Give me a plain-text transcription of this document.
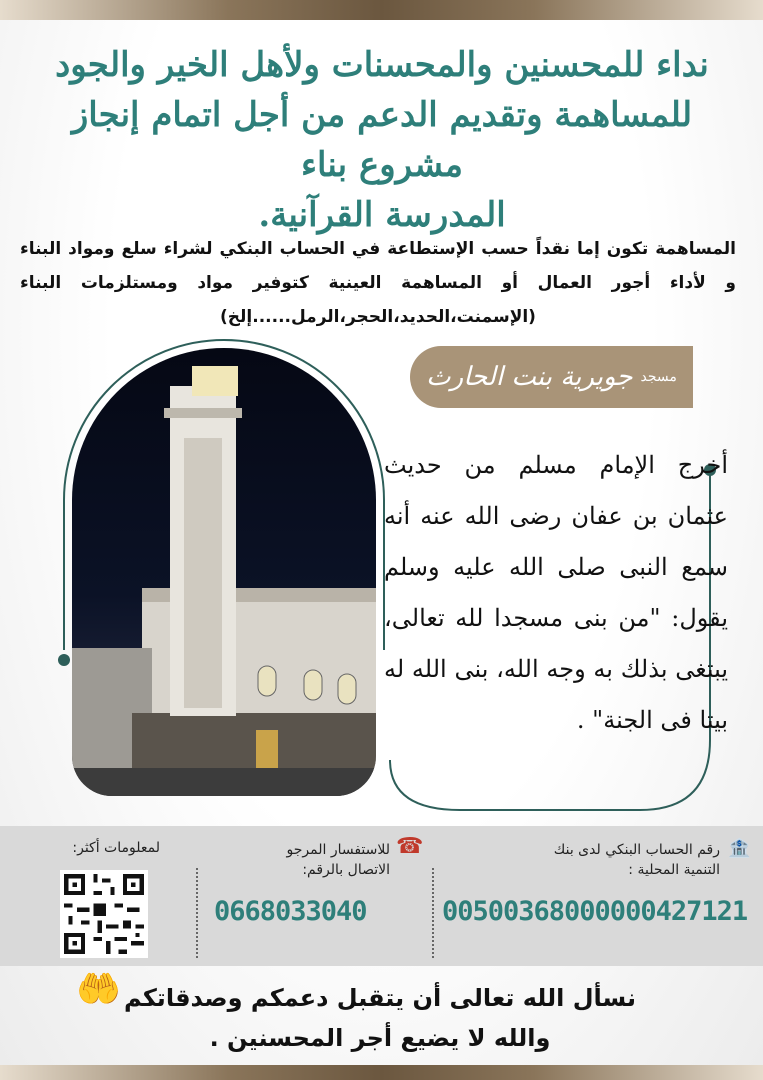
نداء للمحسنين والمحسنات ولأهل الخير والجود
للمساهمة وتقديم الدعم من أجل اتمام إنجاز مشروع بناء
المدرسة القرآنية.

المساهمة تكون إما نقداً حسب الإستطاعة في الحساب البنكي لشراء سلع ومواد البناء و لأداء أجور العمال أو المساهمة العينية كتوفير مواد ومستلزمات البناء (الإسمنت،الحديد،الحجر،الرمل......إلخ)

مسجد
جويرية بنت الحارث

أخرج الإمام مسلم من حديث عثمان بن عفان رضى الله عنه أنه سمع النبى صلى الله عليه وسلم يقول: "من بنى مسجدا لله تعالى، يبتغى بذلك به وجه الله، بنى الله له بيتا فى الجنة" .

🏦
رقم الحساب البنكي لدى بنك
التنمية المحلية :
00500368000000427121
☎
للاستفسار المرجو
الاتصال بالرقم:
0668033040
لمعلومات أكثر:
🤲 نسأل الله تعالى أن يتقبل دعمكم وصدقاتكم
والله لا يضيع أجر المحسنين .
